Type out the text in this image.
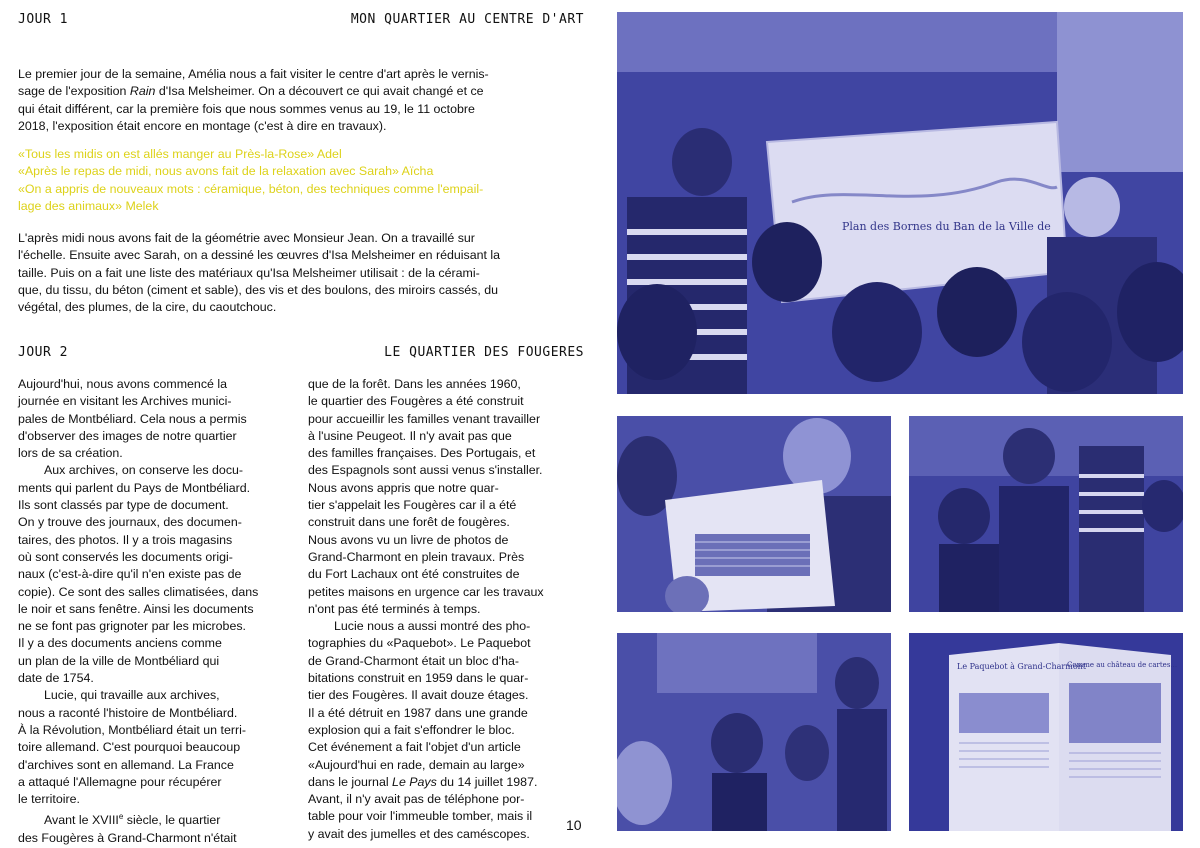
JOUR 1	MON QUARTIER AU CENTRE D'ART
Le premier jour de la semaine, Amélia nous a fait visiter le centre d'art après le vernis-
sage de l'exposition Rain d'Isa Melsheimer. On a découvert ce qui avait changé et ce
qui était différent, car la première fois que nous sommes venus au 19, le 11 octobre
2018, l'exposition était encore en montage (c'est à dire en travaux).
«Tous les midis on est allés manger au Près-la-Rose» Adel
«Après le repas de midi, nous avons fait de la relaxation avec Sarah» Aïcha
«On a appris de nouveaux mots : céramique, béton, des techniques comme l'empail-
lage des animaux» Melek
L'après midi nous avons fait de la géométrie avec Monsieur Jean. On a travaillé sur
l'échelle. Ensuite avec Sarah, on a dessiné les œuvres d'Isa Melsheimer en réduisant la
taille. Puis on a fait une liste des matériaux qu'Isa Melsheimer utilisait : de la cérami-
que, du tissu, du béton (ciment et sable), des vis et des boulons, des miroirs cassés, du
végétal, des plumes, de la cire, du caoutchouc.
JOUR 2	LE QUARTIER DES FOUGERES

Aujourd'hui, nous avons commencé la

journée en visitant les Archives munici-

pales de Montbéliard. Cela nous a permis

d'observer des images de notre quartier

lors de sa création.

Aux archives, on conserve les docu-

ments qui parlent du Pays de Montbéliard.

Ils sont classés par type de document.

On y trouve des journaux, des documen-

taires, des photos. Il y a trois magasins

où sont conservés les documents origi-

naux (c'est-à-dire qu'il n'en existe pas de

copie). Ce sont des salles climatisées, dans

le noir et sans fenêtre. Ainsi les documents

ne se font pas grignoter par les microbes.

Il y a des documents anciens comme

un plan de la ville de Montbéliard qui

date de 1754.

Lucie, qui travaille aux archives,

nous a raconté l'histoire de Montbéliard.

À la Révolution, Montbéliard était un terri-

toire allemand. C'est pourquoi beaucoup

d'archives sont en allemand. La France

a attaqué l'Allemagne pour récupérer

le territoire.

Avant le XVIIIe siècle, le quartier

des Fougères à Grand-Charmont n'était

que de la forêt. Dans les années 1960,

le quartier des Fougères a été construit

pour accueillir les familles venant travailler

à l'usine Peugeot. Il n'y avait pas que

des familles françaises. Des Portugais, et

des Espagnols sont aussi venus s'installer.

Nous avons appris que notre quar-

tier s'appelait les Fougères car il a été

construit dans une forêt de fougères.

Nous avons vu un livre de photos de

Grand-Charmont en plein travaux. Près

du Fort Lachaux ont été construites de

petites maisons en urgence car les travaux

n'ont pas été terminés à temps.

Lucie nous a aussi montré des pho-

tographies du «Paquebot». Le Paquebot

de Grand-Charmont était un bloc d'ha-

bitations construit en 1959 dans le quar-

tier des Fougères. Il avait douze étages.

Il a été détruit en 1987 dans une grande

explosion qui a fait s'effondrer le bloc.

Cet événement a fait l'objet d'un article

«Aujourd'hui en rade, demain au large»

dans le journal Le Pays du 14 juillet 1987.

Avant, il n'y avait pas de téléphone por-

table pour voir l'immeuble tomber, mais il

y avait des jumelles et des caméscopes.

10
Plan des Bornes du Ban de la Ville de
Le Paquebot à Grand-Charmont
Comme au château de cartes...
